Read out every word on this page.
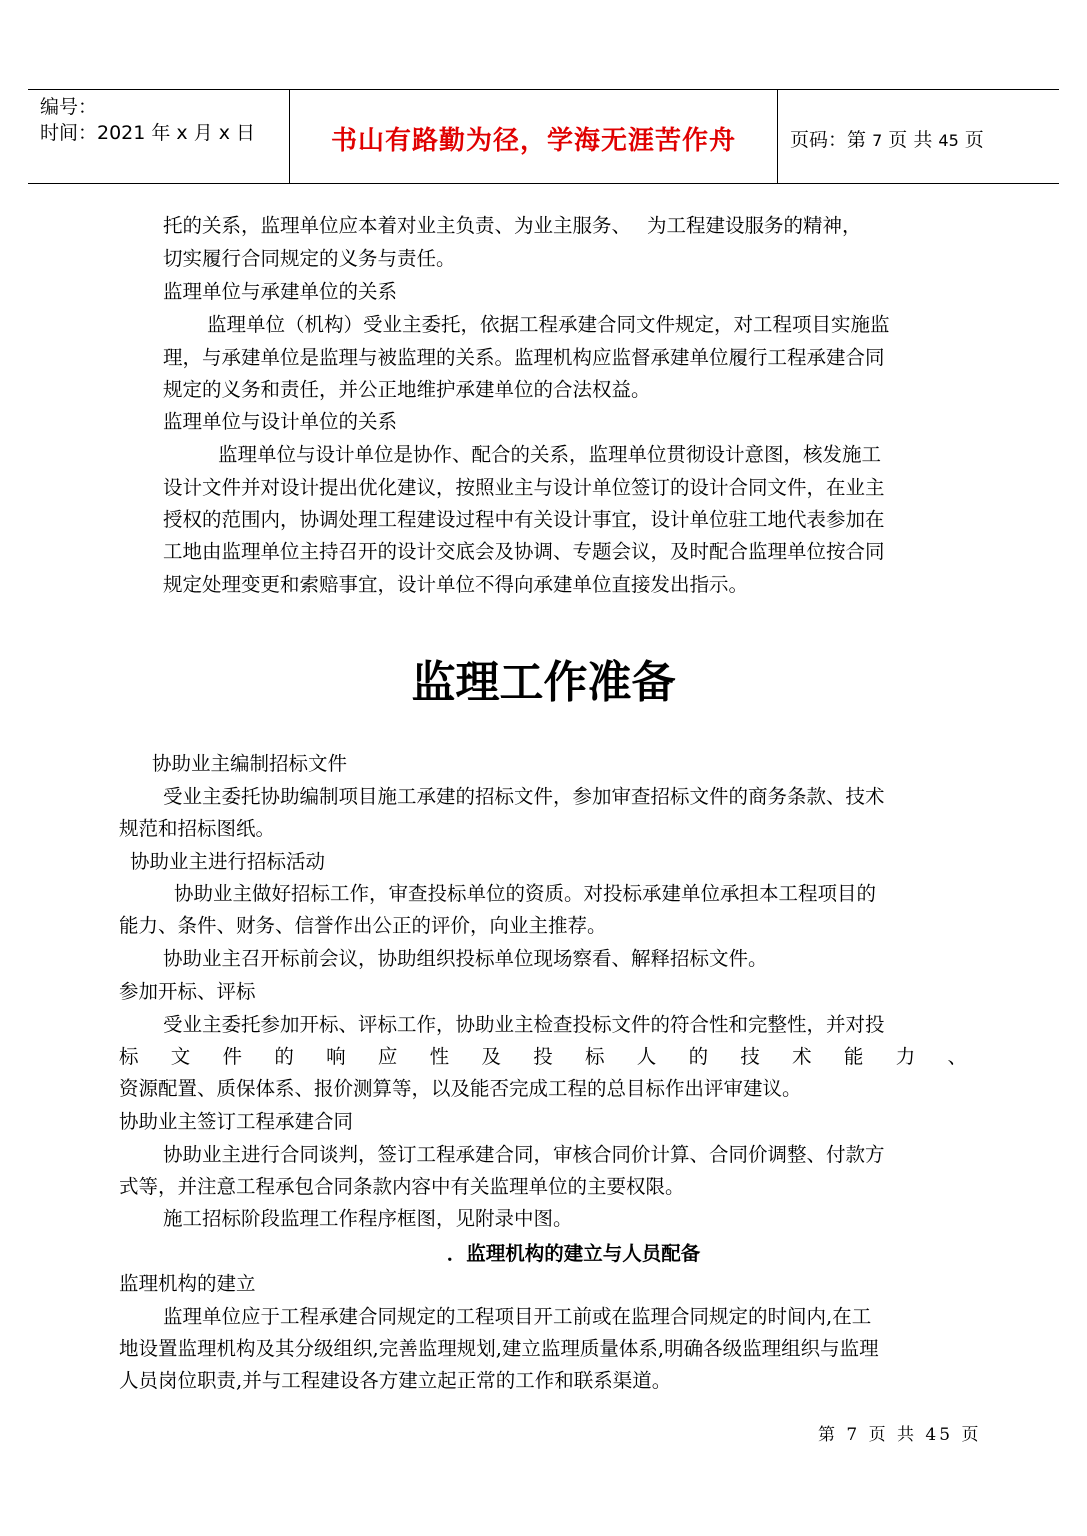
编号：
时间：2021 年 x 月 x 日	书山有路勤为径，学海无涯苦作舟	页码：第 7 页 共 45 页
托的关系，监理单位应本着对业主负责、为业主服务、　 为工程建设服务的精神，
切实履行合同规定的义务与责任。
监理单位与承建单位的关系
监理单位（机构）受业主委托，依据工程承建合同文件规定，对工程项目实施监
理，与承建单位是监理与被监理的关系。监理机构应监督承建单位履行工程承建合同
规定的义务和责任，并公正地维护承建单位的合法权益。
监理单位与设计单位的关系
监理单位与设计单位是协作、配合的关系，监理单位贯彻设计意图，核发施工
设计文件并对设计提出优化建议，按照业主与设计单位签订的设计合同文件，在业主
授权的范围内，协调处理工程建设过程中有关设计事宜，设计单位驻工地代表参加在
工地由监理单位主持召开的设计交底会及协调、专题会议，及时配合监理单位按合同
规定处理变更和索赔事宜，设计单位不得向承建单位直接发出指示。
监理工作准备
协助业主编制招标文件
受业主委托协助编制项目施工承建的招标文件，参加审查招标文件的商务条款、技术
规范和招标图纸。
协助业主进行招标活动
协助业主做好招标工作，审查投标单位的资质。对投标承建单位承担本工程项目的
能力、条件、财务、信誉作出公正的评价，向业主推荐。
协助业主召开标前会议，协助组织投标单位现场察看、解释招标文件。
参加开标、评标
受业主委托参加开标、评标工作，协助业主检查投标文件的符合性和完整性，并对投
标文件的响应性及投标人的技术能力、
资源配置、质保体系、报价测算等，以及能否完成工程的总目标作出评审建议。
协助业主签订工程承建合同
协助业主进行合同谈判，签订工程承建合同，审核合同价计算、合同价调整、付款方
式等，并注意工程承包合同条款内容中有关监理单位的主要权限。
施工招标阶段监理工作程序框图，见附录中图。
．监理机构的建立与人员配备
监理机构的建立
监理单位应于工程承建合同规定的工程项目开工前或在监理合同规定的时间内,在工
地设置监理机构及其分级组织,完善监理规划,建立监理质量体系,明确各级监理组织与监理
人员岗位职责,并与工程建设各方建立起正常的工作和联系渠道。
第 7 页 共 45 页
